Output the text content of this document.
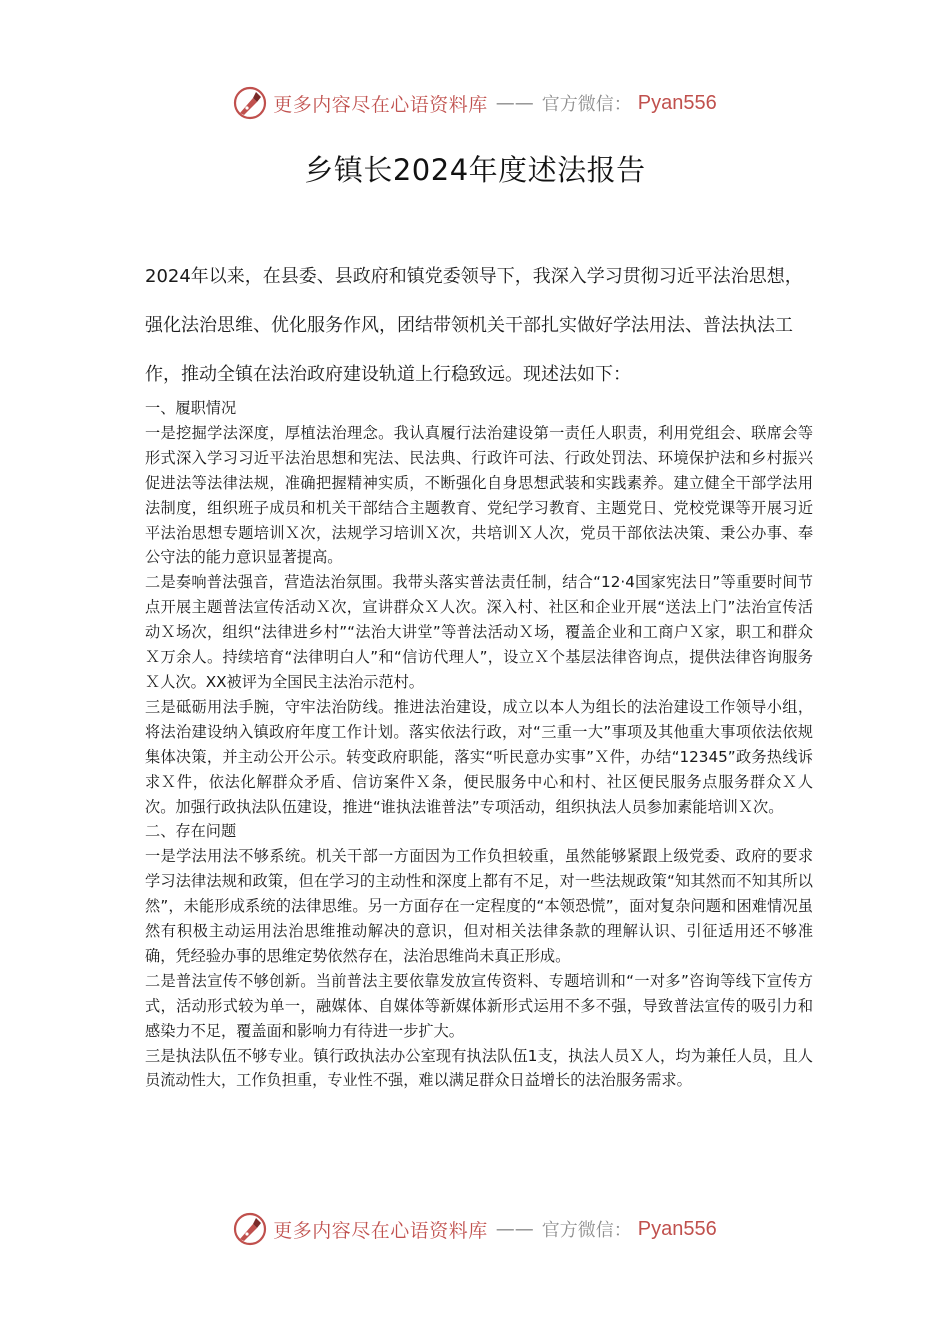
更多内容尽在心语资料库 —— 官方微信： Pyan556
乡镇长2024年度述法报告

2024年以来，在县委、县政府和镇党委领导下，我深入学习贯彻习近平法治思想，强化法治思维、优化服务作风，团结带领机关干部扎实做好学法用法、普法执法工作，推动全镇在法治政府建设轨道上行稳致远。现述法如下：

一、履职情况

一是挖掘学法深度，厚植法治理念。我认真履行法治建设第一责任人职责，利用党组会、联席会等形式深入学习习近平法治思想和宪法、民法典、行政许可法、行政处罚法、环境保护法和乡村振兴促进法等法律法规，准确把握精神实质，不断强化自身思想武装和实践素养。建立健全干部学法用法制度，组织班子成员和机关干部结合主题教育、党纪学习教育、主题党日、党校党课等开展习近平法治思想专题培训Ｘ次，法规学习培训Ｘ次，共培训Ｘ人次，党员干部依法决策、秉公办事、奉公守法的能力意识显著提高。

二是奏响普法强音，营造法治氛围。我带头落实普法责任制，结合“12·4国家宪法日”等重要时间节点开展主题普法宣传活动Ｘ次，宣讲群众Ｘ人次。深入村、社区和企业开展“送法上门”法治宣传活动Ｘ场次，组织“法律进乡村”“法治大讲堂”等普法活动Ｘ场，覆盖企业和工商户Ｘ家，职工和群众Ｘ万余人。持续培育“法律明白人”和“信访代理人”，设立Ｘ个基层法律咨询点，提供法律咨询服务Ｘ人次。XX被评为全国民主法治示范村。

三是砥砺用法手腕，守牢法治防线。推进法治建设，成立以本人为组长的法治建设工作领导小组，将法治建设纳入镇政府年度工作计划。落实依法行政，对“三重一大”事项及其他重大事项依法依规集体决策，并主动公开公示。转变政府职能，落实“听民意办实事”Ｘ件，办结“12345”政务热线诉求Ｘ件，依法化解群众矛盾、信访案件Ｘ条，便民服务中心和村、社区便民服务点服务群众Ｘ人次。加强行政执法队伍建设，推进“谁执法谁普法”专项活动，组织执法人员参加素能培训Ｘ次。

二、存在问题

一是学法用法不够系统。机关干部一方面因为工作负担较重，虽然能够紧跟上级党委、政府的要求学习法律法规和政策，但在学习的主动性和深度上都有不足，对一些法规政策“知其然而不知其所以然”，未能形成系统的法律思维。另一方面存在一定程度的“本领恐慌”，面对复杂问题和困难情况虽然有积极主动运用法治思维推动解决的意识，但对相关法律条款的理解认识、引征适用还不够准确，凭经验办事的思维定势依然存在，法治思维尚未真正形成。

二是普法宣传不够创新。当前普法主要依靠发放宣传资料、专题培训和“一对多”咨询等线下宣传方式，活动形式较为单一，融媒体、自媒体等新媒体新形式运用不多不强，导致普法宣传的吸引力和感染力不足，覆盖面和影响力有待进一步扩大。

三是执法队伍不够专业。镇行政执法办公室现有执法队伍1支，执法人员Ｘ人，均为兼任人员，且人员流动性大，工作负担重，专业性不强，难以满足群众日益增长的法治服务需求。

更多内容尽在心语资料库 —— 官方微信： Pyan556
